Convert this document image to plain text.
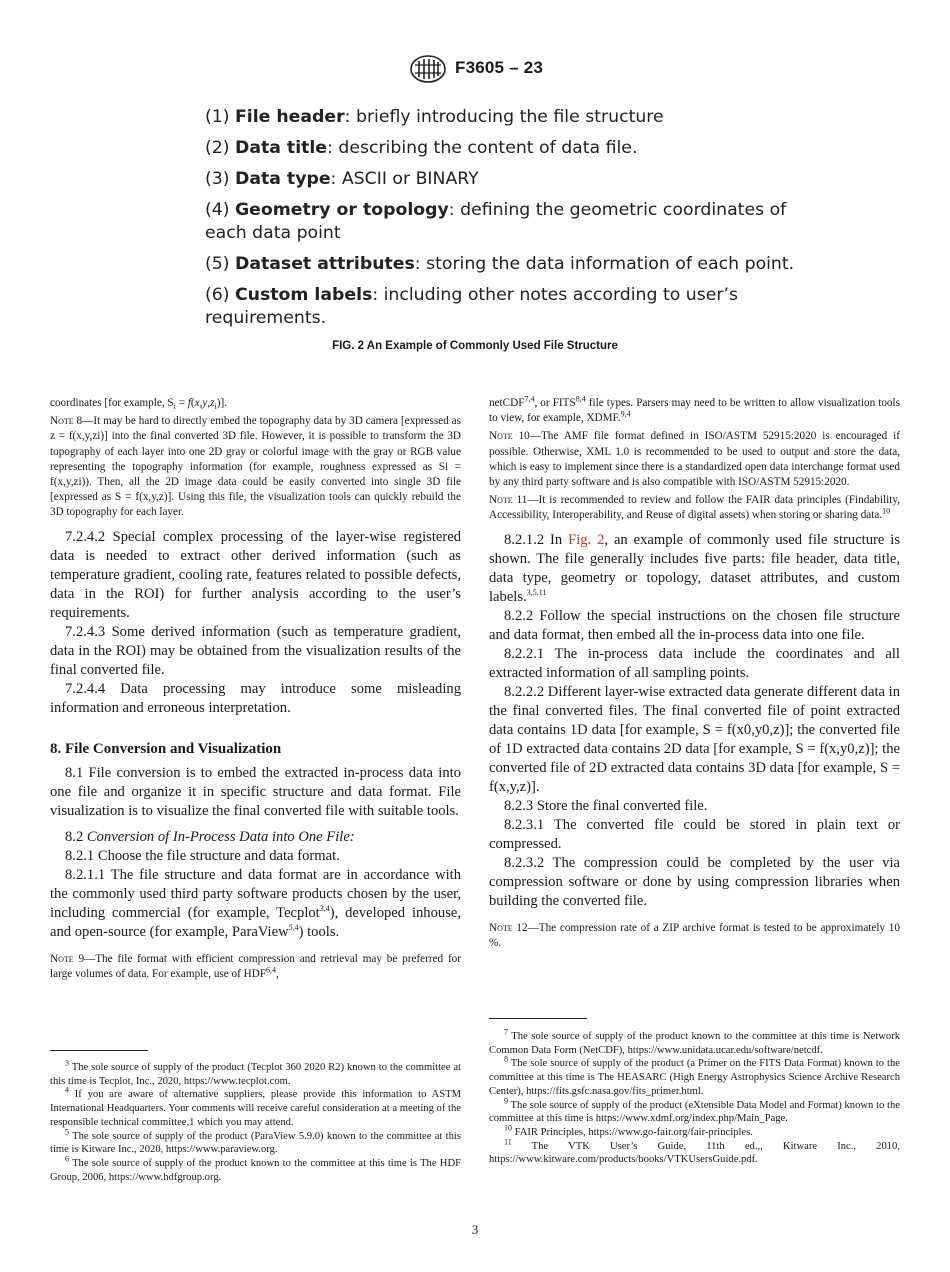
F3605 – 23
(1) File header: briefly introducing the file structure
(2) Data title: describing the content of data file.
(3) Data type: ASCII or BINARY
(4) Geometry or topology: defining the geometric coordinates of each data point
(5) Dataset attributes: storing the data information of each point.
(6) Custom labels: including other notes according to user’s requirements.
FIG. 2 An Example of Commonly Used File Structure

coordinates [for example, $S_i = f(x,y,z_i)$].

Note 8—It may be hard to directly embed the topography data by 3D camera [expressed as z = f(x,y,zi)] into the final converted 3D file. However, it is possible to transform the 3D topography of each layer into one 2D gray or colorful image with the gray or RGB value representing the topography information (for example, roughness expressed as Si = f(x,y,zi)). Then, all the 2D image data could be easily converted into single 3D file [expressed as S = f(x,y,z)]. Using this file, the visualization tools can quickly rebuild the 3D topography for each layer.

7.2.4.2 Special complex processing of the layer-wise registered data is needed to extract other derived information (such as temperature gradient, cooling rate, features related to possible defects, data in the ROI) for further analysis according to the user’s requirements.

7.2.4.3 Some derived information (such as temperature gradient, data in the ROI) may be obtained from the visualization results of the final converted file.

7.2.4.4 Data processing may introduce some misleading information and erroneous interpretation.

8. File Conversion and Visualization

8.1 File conversion is to embed the extracted in-process data into one file and organize it in specific structure and data format. File visualization is to visualize the final converted file with suitable tools.

8.2 Conversion of In-Process Data into One File:

8.2.1 Choose the file structure and data format.

8.2.1.1 The file structure and data format are in accordance with the commonly used third party software products chosen by the user, including commercial (for example, Tecplot$^{3,4}$), developed inhouse, and open-source (for example, ParaView$^{5,4}$) tools.

Note 9—The file format with efficient compression and retrieval may be preferred for large volumes of data. For example, use of HDF$^{6,4}$,

netCDF$^{7,4}$, or FITS$^{8,4}$ file types. Parsers may need to be written to allow visualization tools to view, for example, XDMF.$^{9,4}$

Note 10—The AMF file format defined in ISO/ASTM 52915:2020 is encouraged if possible. Otherwise, XML 1.0 is recommended to be used to output and store the data, which is easy to implement since there is a standardized open data interchange format used by any third party software and is also compatible with ISO/ASTM 52915:2020.

Note 11—It is recommended to review and follow the FAIR data principles (Findability, Accessibility, Interoperability, and Reuse of digital assets) when storing or sharing data.$^{10}$

8.2.1.2 In Fig. 2, an example of commonly used file structure is shown. The file generally includes five parts: file header, data title, data type, geometry or topology, dataset attributes, and custom labels.$^{3,5,11}$

8.2.2 Follow the special instructions on the chosen file structure and data format, then embed all the in-process data into one file.

8.2.2.1 The in-process data include the coordinates and all extracted information of all sampling points.

8.2.2.2 Different layer-wise extracted data generate different data in the final converted files. The final converted file of point extracted data contains 1D data [for example, S = f(x0,y0,z)]; the converted file of 1D extracted data contains 2D data [for example, S = f(x,y0,z)]; the converted file of 2D extracted data contains 3D data [for example, S = f(x,y,z)].

8.2.3 Store the final converted file.

8.2.3.1 The converted file could be stored in plain text or compressed.

8.2.3.2 The compression could be completed by the user via compression software or done by using compression libraries when building the converted file.

Note 12—The compression rate of a ZIP archive format is tested to be approximately 10 %.

$^3$ The sole source of supply of the product (Tecplot 360 2020 R2) known to the committee at this time is Tecplot, Inc., 2020, https://www.tecplot.com.

$^4$ If you are aware of alternative suppliers, please provide this information to ASTM International Headquarters. Your comments will receive careful consideration at a meeting of the responsible technical committee,1 which you may attend.

$^5$ The sole source of supply of the product (ParaView 5.9.0) known to the committee at this time is Kitware Inc., 2020, https://www.paraview.org.

$^6$ The sole source of supply of the product known to the committee at this time is The HDF Group, 2006, https://www.hdfgroup.org.

$^7$ The sole source of supply of the product known to the committee at this time is Network Common Data Form (NetCDF), https://www.unidata.ucar.edu/software/netcdf.

$^8$ The sole source of supply of the product (a Primer on the FITS Data Format) known to the committee at this time is The HEASARC (High Energy Astrophysics Science Archive Research Center), https://fits.gsfc.nasa.gov/fits_primer.html.

$^9$ The sole source of supply of the product (eXtensible Data Model and Format) known to the committee at this time is https://www.xdmf.org/index.php/Main_Page.

$^{10}$ FAIR Principles, https://www.go-fair.org/fair-principles.

$^{11}$ The VTK User’s Guide, 11th ed.,, Kitware Inc., 2010, https://www.kitware.com/products/books/VTKUsersGuide.pdf.

3
